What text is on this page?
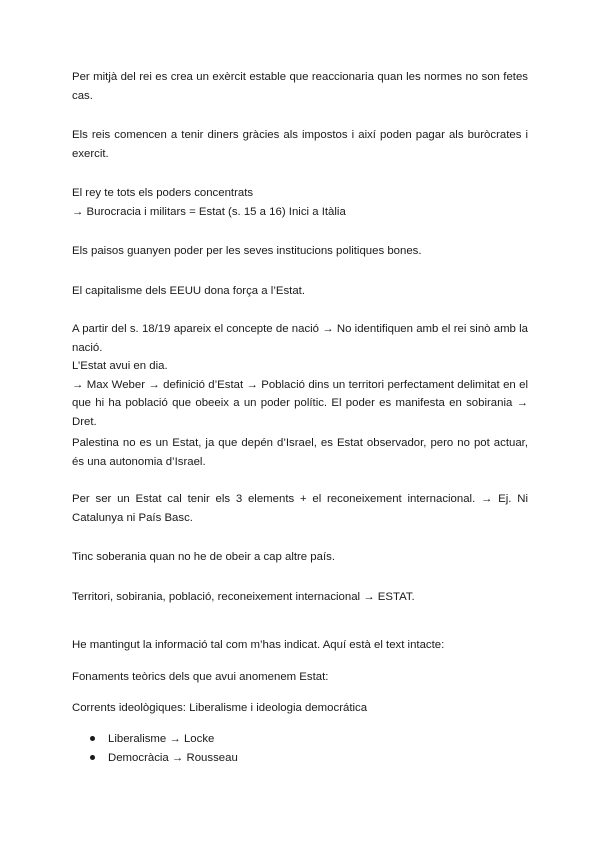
Per mitjà del rei es crea un exèrcit estable que reaccionaria quan les normes no son fetes cas.

Els reis comencen a tenir diners gràcies als impostos i així poden pagar als buròcrates i exercit.

El rey te tots els poders concentrats
→ Burocracia i militars = Estat (s. 15 a 16) Inici a Itàlia

Els paisos guanyen poder per les seves institucions politiques bones.

El capitalisme dels EEUU dona força a l’Estat.

A partir del s. 18/19 apareix el concepte de nació → No identifiquen amb el rei sinò amb la nació.
L’Estat avui en dia.
→ Max Weber → definició d’Estat → Població dins un territori perfectament delimitat en el que hi ha població que obeeix a un poder polític. El poder es manifesta en sobirania → Dret.

Palestina no es un Estat, ja que depén d’Israel, es Estat observador, pero no pot actuar, és una autonomia d’Israel.

Per ser un Estat cal tenir els 3 elements + el reconeixement internacional. → Ej. Ni Catalunya ni País Basc.

Tinc soberania quan no he de obeir a cap altre país.

Territori, sobirania, població, reconeixement internacional → ESTAT.

He mantingut la informació tal com m’has indicat. Aquí està el text intacte:

Fonaments teòrics dels que avui anomenem Estat:

Corrents ideològiques: Liberalisme i ideologia democrática

Liberalisme → Locke
Democràcia → Rousseau
